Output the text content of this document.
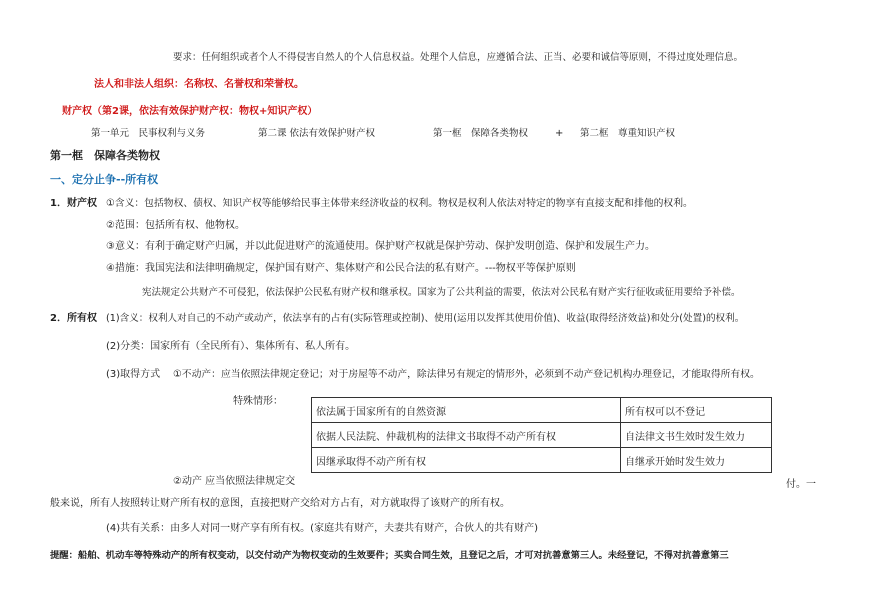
要求：任何组织或者个人不得侵害自然人的个人信息权益。处理个人信息，应遵循合法、正当、必要和诚信等原则，不得过度处理信息。
法人和非法人组织：名称权、名誉权和荣誉权。
财产权（第2课，依法有效保护财产权：物权+知识产权）
第一单元　民事权利与义务	第二课 依法有效保护财产权	第一框　保障各类物权	+ 第二框　尊重知识产权
第一框　保障各类物权
一、定分止争--所有权
1．财产权 ①含义：包括物权、债权、知识产权等能够给民事主体带来经济收益的权利。物权是权利人依法对特定的物享有直接支配和排他的权利。
②范围：包括所有权、他物权。
③意义：有利于确定财产归属，并以此促进财产的流通使用。保护财产权就是保护劳动、保护发明创造、保护和发展生产力。
④措施：我国宪法和法律明确规定，保护国有财产、集体财产和公民合法的私有财产。---物权平等保护原则
宪法规定公共财产不可侵犯，依法保护公民私有财产权和继承权。国家为了公共利益的需要，依法对公民私有财产实行征收或征用要给予补偿。
2．所有权 (1)含义：权利人对自己的不动产或动产，依法享有的占有(实际管理或控制)、使用(运用以发挥其使用价值)、收益(取得经济效益)和处分(处置)的权利。
(2)分类：国家所有（全民所有）、集体所有、私人所有。
(3)取得方式 ①不动产：应当依照法律规定登记；对于房屋等不动产，除法律另有规定的情形外，必须到不动产登记机构办理登记，才能取得所有权。
特殊情形：
依法属于国家所有的自然资源	所有权可以不登记
依据人民法院、仲裁机构的法律文书取得不动产所有权	自法律文书生效时发生效力
因继承取得不动产所有权	自继承开始时发生效力
②动产 应当依照法律规定交	付。一
般来说，所有人按照转让财产所有权的意图，直接把财产交给对方占有，对方就取得了该财产的所有权。
(4)共有关系：由多人对同一财产享有所有权。(家庭共有财产，夫妻共有财产，合伙人的共有财产)
提醒：船舶、机动车等特殊动产的所有权变动，以交付动产为物权变动的生效要件；买卖合同生效，且登记之后，才可对抗善意第三人。未经登记，不得对抗善意第三
